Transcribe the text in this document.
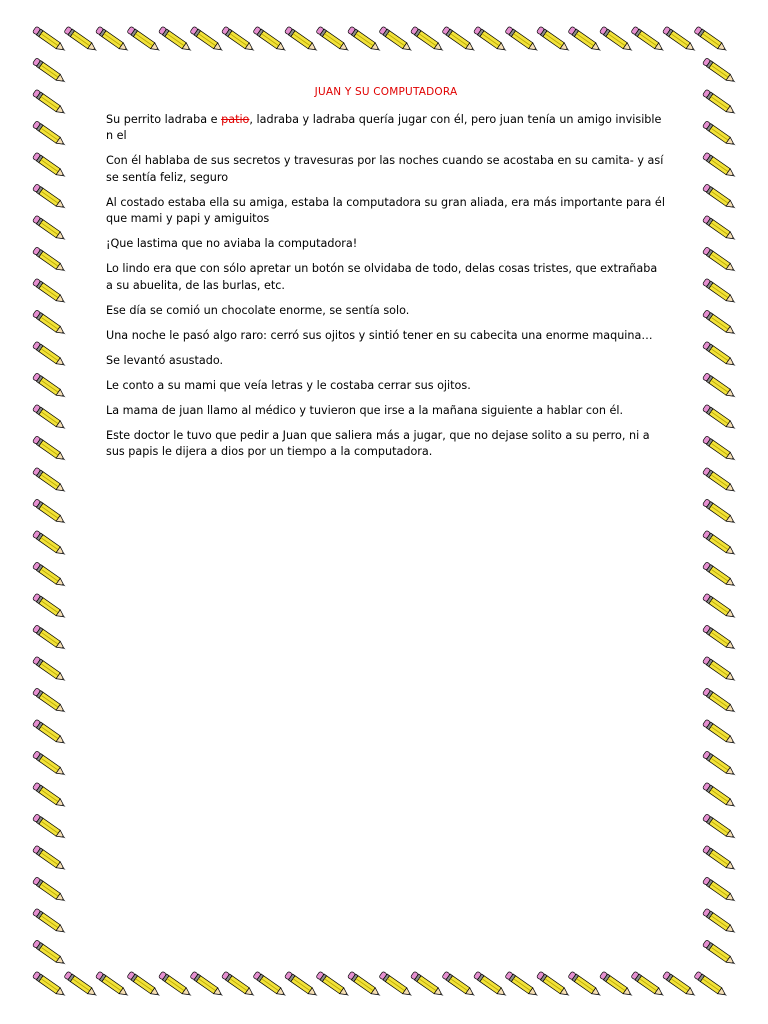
JUAN Y SU COMPUTADORA

Su perrito ladraba e patio, ladraba y ladraba quería jugar con él, pero juan tenía un amigo invisible n el

Con él hablaba de sus secretos y travesuras por las noches cuando se acostaba en su camita- y así se sentía feliz, seguro

Al costado estaba ella su amiga, estaba la computadora su gran aliada, era más importante para él que mami y papi y amiguitos

¡Que lastima que no aviaba la computadora!

Lo lindo era que con sólo apretar un botón se olvidaba de todo, delas cosas tristes, que extrañaba a su abuelita, de las burlas, etc.

Ese día se comió un chocolate enorme, se sentía solo.

Una noche le pasó algo raro: cerró sus ojitos y sintió tener en su cabecita una enorme maquina…

Se levantó asustado.

Le conto a su mami que veía letras y le costaba cerrar sus ojitos.

La mama de juan llamo al médico y tuvieron que irse a la mañana siguiente a hablar con él.

Este doctor le tuvo que pedir a Juan que saliera más a jugar, que no dejase solito a su perro, ni a sus papis le dijera a dios por un tiempo a la computadora.
